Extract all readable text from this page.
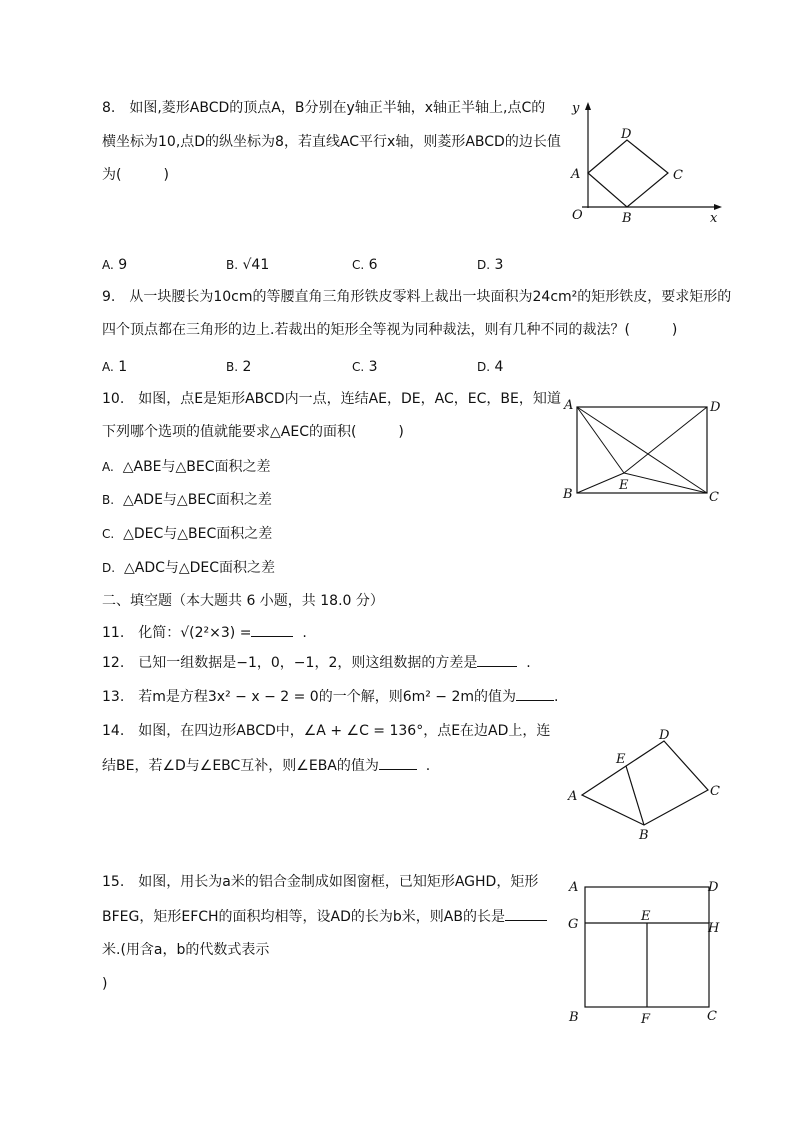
8.　如图,菱形ABCD的顶点A，B分别在y轴正半轴，x轴正半轴上,点C的
横坐标为10,点D的纵坐标为8，若直线AC平行x轴，则菱形ABCD的边长值
为(　　　)
y
x
O
A
B
C
D
A. 9	B. √41	C. 6	D. 3
9.　从一块腰长为10cm的等腰直角三角形铁皮零料上裁出一块面积为24cm²的矩形铁皮，要求矩形的
四个顶点都在三角形的边上.若裁出的矩形全等视为同种裁法，则有几种不同的裁法？(　　　)
A. 1	B. 2	C. 3	D. 4
10.　如图，点E是矩形ABCD内一点，连结AE，DE，AC，EC，BE，知道
下列哪个选项的值就能要求△AEC的面积(　　　)
A. △ABE与△BEC面积之差
B. △ADE与△BEC面积之差
C. △DEC与△BEC面积之差
D. △ADC与△DEC面积之差
A	D
B	C
E
二、填空题（本大题共 6 小题，共 18.0 分）
11.　化简：√(2²×3) =	.
12.　已知一组数据是−1，0，−1，2，则这组数据的方差是	.
13.　若m是方程3x² − x − 2 = 0的一个解，则6m² − 2m的值为	.
14.　如图，在四边形ABCD中，∠A + ∠C = 136°，点E在边AD上，连
结BE，若∠D与∠EBC互补，则∠EBA的值为	.
A
E
D
C
B
15.　如图，用长为a米的铝合金制成如图窗框，已知矩形AGHD，矩形
BFEG，矩形EFCH的面积均相等，设AD的长为b米，则AB的长是
米.(用含a，b的代数式表示
)
A	D
G
E
H
B	F	C
